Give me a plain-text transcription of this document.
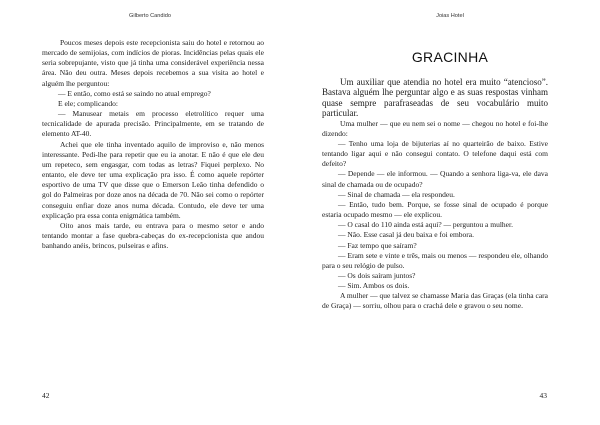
Gilberto Candido

Poucos meses depois este recepcionista saiu do hotel e retornou ao mercado de semijoias, com indícios de pioras. Incidências pelas quais ele seria sobrepujante, visto que já tinha uma considerável experiência nessa área. Não deu outra. Meses depois recebemos a sua visita ao hotel e alguém lhe perguntou:

— E então, como está se saindo no atual emprego?

E ele; complicando:

— Manusear metais em processo eletrolítico requer uma tecnicalidade de apurada precisão. Principalmente, em se tratando de elemento AT-40.

Achei que ele tinha inventado aquilo de improviso e, não menos interessante. Pedi-lhe para repetir que eu ia anotar. E não é que ele deu um repeteco, sem engasgar, com todas as letras? Fiquei perplexo. No entanto, ele deve ter uma explicação pra isso. É como aquele repórter esportivo de uma TV que disse que o Emerson Leão tinha defendido o gol do Palmeiras por doze anos na década de 70. Não sei como o repórter conseguiu enfiar doze anos numa década. Contudo, ele deve ter uma explicação pra essa conta enigmática também.

Oito anos mais tarde, eu entrava para o mesmo setor e ando tentando montar a fase quebra-cabeças do ex-recepcionista que andou banhando anéis, brincos, pulseiras e afins.

42
Joias Hotel
GRACINHA

Um auxiliar que atendia no hotel era muito “atencioso”. Bastava alguém lhe perguntar algo e as suas respostas vinham quase sempre parafraseadas de seu vocabulário muito particular.

Uma mulher — que eu nem sei o nome — chegou no hotel e foi-lhe dizendo:

— Tenho uma loja de bijuterias aí no quarteirão de baixo. Estive tentando ligar aqui e não consegui contato. O telefone daqui está com defeito?

— Depende — ele informou. — Quando a senhora liga-va, ele dava sinal de chamada ou de ocupado?

— Sinal de chamada — ela respondeu.

— Então, tudo bem. Porque, se fosse sinal de ocupado é porque estaria ocupado mesmo — ele explicou.

— O casal do 110 ainda está aqui? — perguntou a mulher.

— Não. Esse casal já deu baixa e foi embora.

— Faz tempo que saíram?

— Eram sete e vinte e três, mais ou menos — respondeu ele, olhando para o seu relógio de pulso.

— Os dois saíram juntos?

— Sim. Ambos os dois.

A mulher — que talvez se chamasse Maria das Graças (ela tinha cara de Graça) — sorriu, olhou para o crachá dele e gravou o seu nome.

43
